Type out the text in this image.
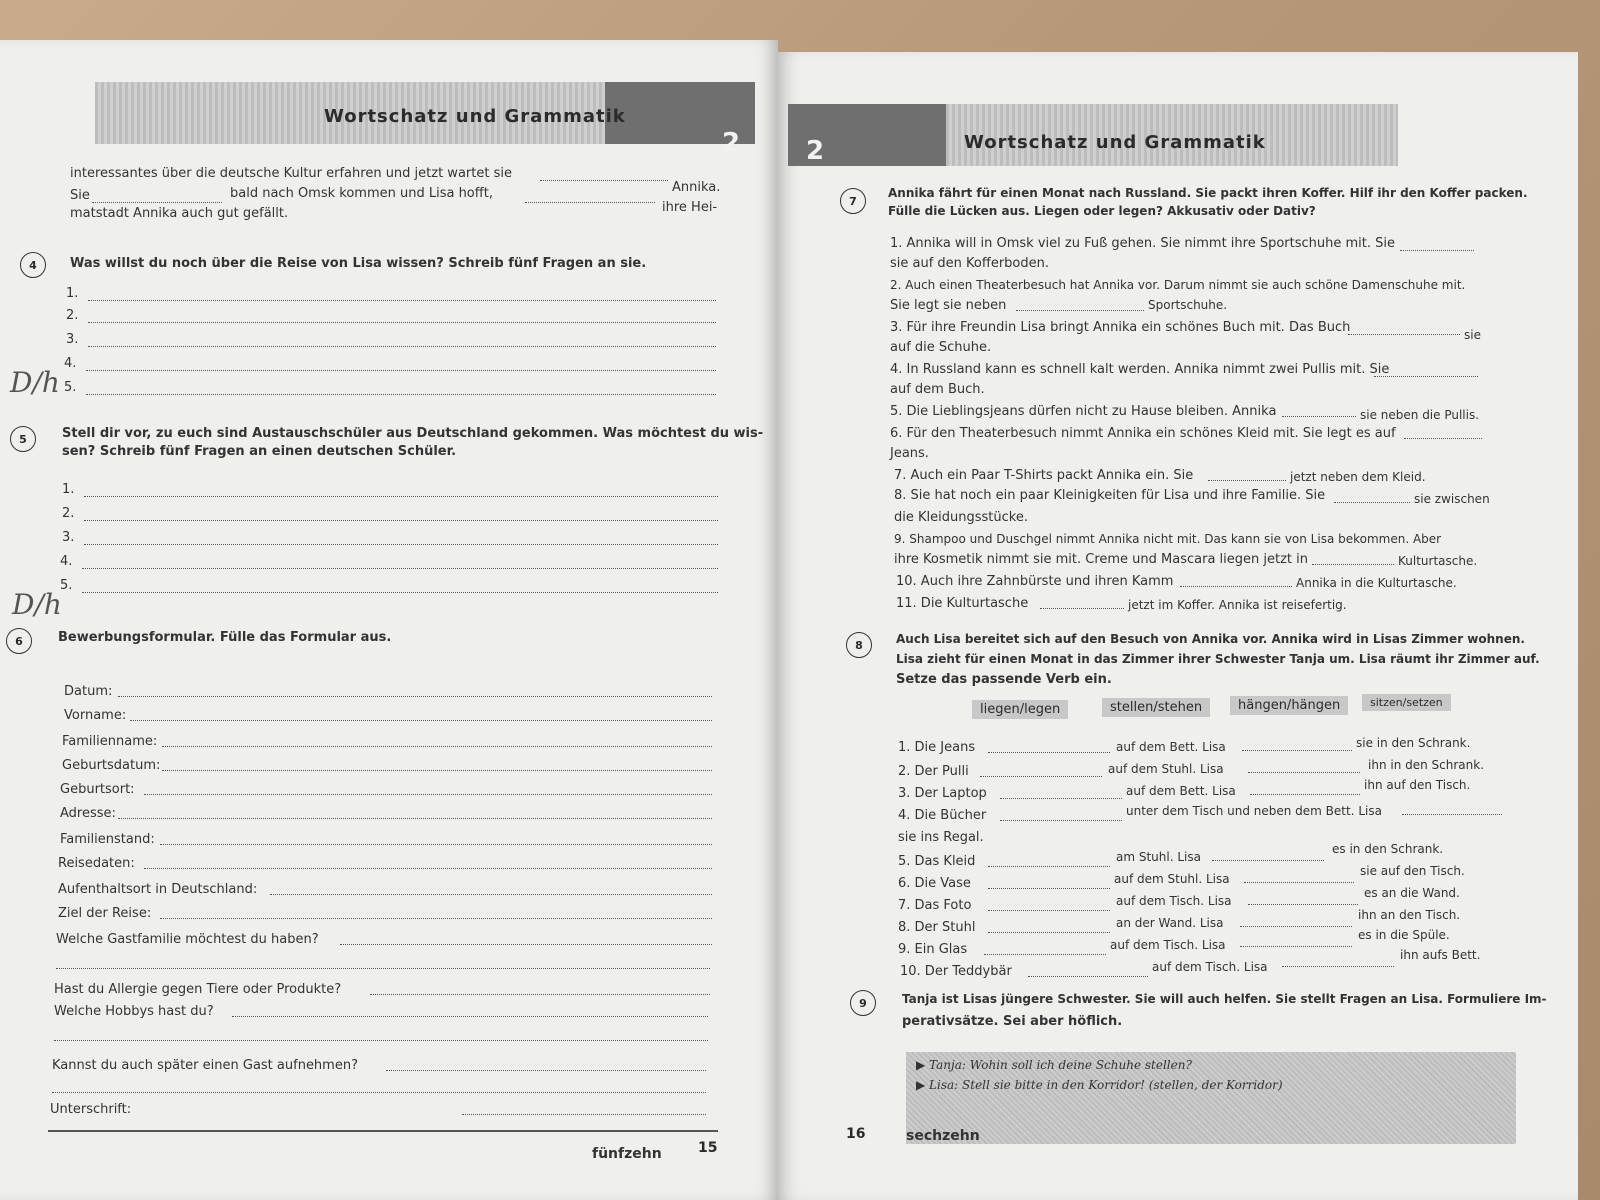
Wortschatz und Grammatik
2
interessantes über die deutsche Kultur erfahren und jetzt wartet sie
Annika.
Sie	bald nach Omsk kommen und Lisa hofft,
ihre Hei-
matstadt Annika auch gut gefällt.
4	Was willst du noch über die Reise von Lisa wissen? Schreib fünf Fragen an sie.
1.
2.
3.
4.
5.
D/h
5	Stell dir vor, zu euch sind Austauschschüler aus Deutschland gekommen. Was möchtest du wis-
sen? Schreib fünf Fragen an einen deutschen Schüler.
1.
2.
3.
4.
5.
D/h
6	Bewerbungsformular. Fülle das Formular aus.
Datum:
Vorname:
Familienname:
Geburtsdatum:
Geburtsort:
Adresse:
Familienstand:
Reisedaten:
Aufenthaltsort in Deutschland:
Ziel der Reise:
Welche Gastfamilie möchtest du haben?
Hast du Allergie gegen Tiere oder Produkte?
Welche Hobbys hast du?
Kannst du auch später einen Gast aufnehmen?
Unterschrift:
fünfzehn	15
2	Wortschatz und Grammatik
7
Annika fährt für einen Monat nach Russland. Sie packt ihren Koffer. Hilf ihr den Koffer packen.
Fülle die Lücken aus. Liegen oder legen? Akkusativ oder Dativ?
1. Annika will in Omsk viel zu Fuß gehen. Sie nimmt ihre Sportschuhe mit. Sie
sie auf den Kofferboden.
2. Auch einen Theaterbesuch hat Annika vor. Darum nimmt sie auch schöne Damenschuhe mit.
Sie legt sie neben	Sportschuhe.
3. Für ihre Freundin Lisa bringt Annika ein schönes Buch mit. Das Buch	sie
auf die Schuhe.
4. In Russland kann es schnell kalt werden. Annika nimmt zwei Pullis mit. Sie
auf dem Buch.
5. Die Lieblingsjeans dürfen nicht zu Hause bleiben. Annika	sie neben die Pullis.
6. Für den Theaterbesuch nimmt Annika ein schönes Kleid mit. Sie legt es auf
Jeans.
7. Auch ein Paar T-Shirts packt Annika ein. Sie	jetzt neben dem Kleid.
8. Sie hat noch ein paar Kleinigkeiten für Lisa und ihre Familie. Sie	sie zwischen
die Kleidungsstücke.
9. Shampoo und Duschgel nimmt Annika nicht mit. Das kann sie von Lisa bekommen. Aber
ihre Kosmetik nimmt sie mit. Creme und Mascara liegen jetzt in	Kulturtasche.
10. Auch ihre Zahnbürste und ihren Kamm	Annika in die Kulturtasche.
11. Die Kulturtasche	jetzt im Koffer. Annika ist reisefertig.
8	Auch Lisa bereitet sich auf den Besuch von Annika vor. Annika wird in Lisas Zimmer wohnen.
Lisa zieht für einen Monat in das Zimmer ihrer Schwester Tanja um. Lisa räumt ihr Zimmer auf.
Setze das passende Verb ein.
liegen/legen	stellen/stehen	hängen/hängen	sitzen/setzen
1. Die Jeans	auf dem Bett. Lisa	sie in den Schrank.
2. Der Pulli	auf dem Stuhl. Lisa	ihn in den Schrank.
3. Der Laptop	auf dem Bett. Lisa	ihn auf den Tisch.
4. Die Bücher	unter dem Tisch und neben dem Bett. Lisa
sie ins Regal.
5. Das Kleid	am Stuhl. Lisa
es in den Schrank.
6. Die Vase	auf dem Stuhl. Lisa
sie auf den Tisch.
7. Das Foto	auf dem Tisch. Lisa
es an die Wand.
8. Der Stuhl	an der Wand. Lisa
ihn an den Tisch.
9. Ein Glas	auf dem Tisch. Lisa
es in die Spüle.
10. Der Teddybär	auf dem Tisch. Lisa
ihn aufs Bett.
9	Tanja ist Lisas jüngere Schwester. Sie will auch helfen. Sie stellt Fragen an Lisa. Formuliere Im-
perativsätze. Sei aber höflich.
▶ Tanja: Wohin soll ich deine Schuhe stellen?
▶ Lisa: Stell sie bitte in den Korridor! (stellen, der Korridor)
16	sechzehn
